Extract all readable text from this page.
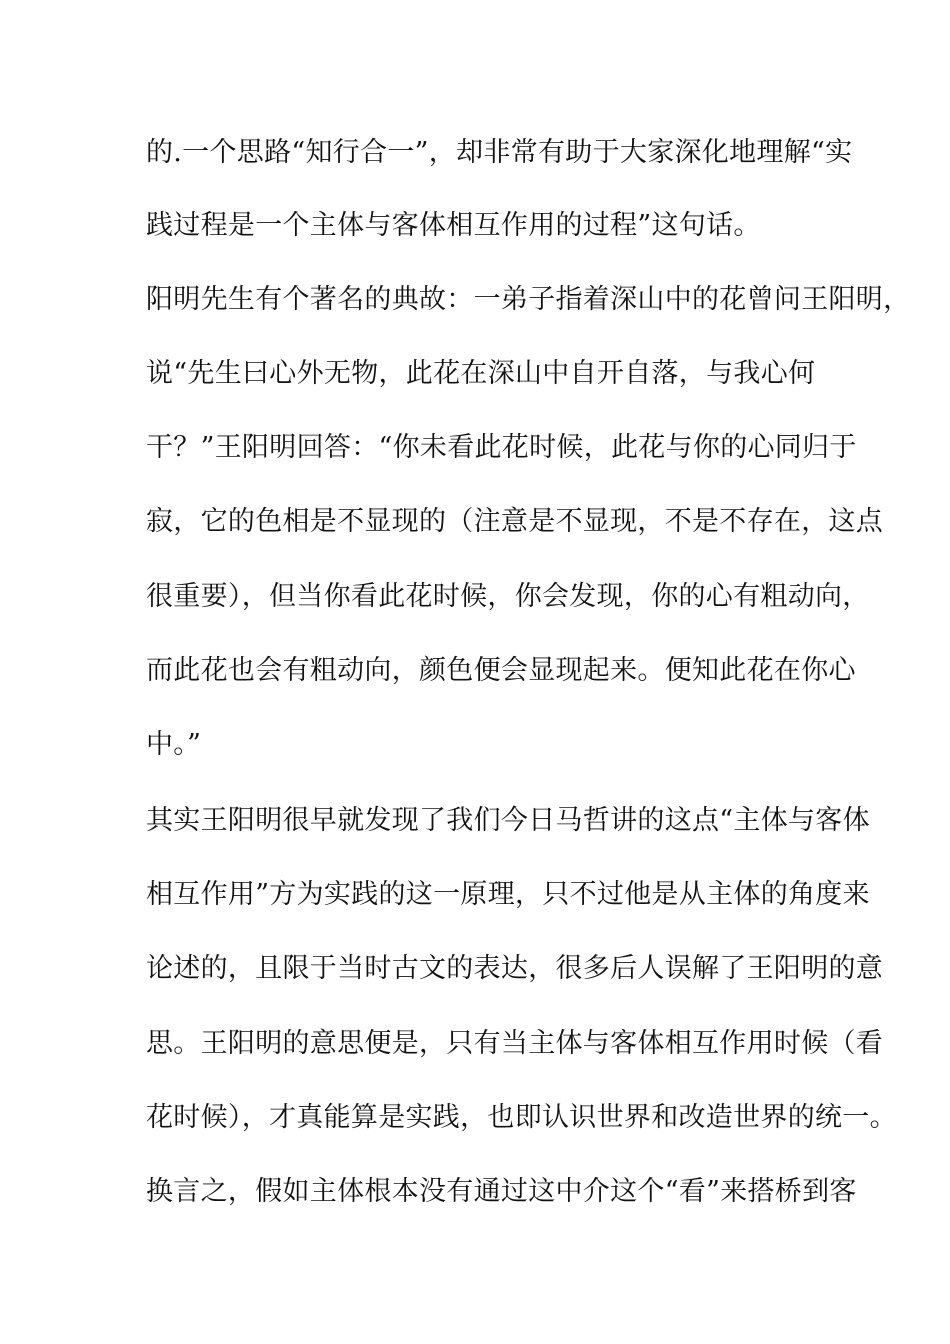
的.一个思路“知行合一”，却非常有助于大家深化地理解“实
践过程是一个主体与客体相互作用的过程”这句话。
阳明先生有个著名的典故：一弟子指着深山中的花曾问王阳明，
说“先生曰心外无物，此花在深山中自开自落，与我心何
干？”王阳明回答：“你未看此花时候，此花与你的心同归于
寂，它的色相是不显现的（注意是不显现，不是不存在，这点
很重要），但当你看此花时候，你会发现，你的心有粗动向，
而此花也会有粗动向，颜色便会显现起来。便知此花在你心
中。”
其实王阳明很早就发现了我们今日马哲讲的这点“主体与客体
相互作用”方为实践的这一原理，只不过他是从主体的角度来
论述的，且限于当时古文的表达，很多后人误解了王阳明的意
思。王阳明的意思便是，只有当主体与客体相互作用时候（看
花时候），才真能算是实践，也即认识世界和改造世界的统一。
换言之，假如主体根本没有通过这中介这个“看”来搭桥到客
